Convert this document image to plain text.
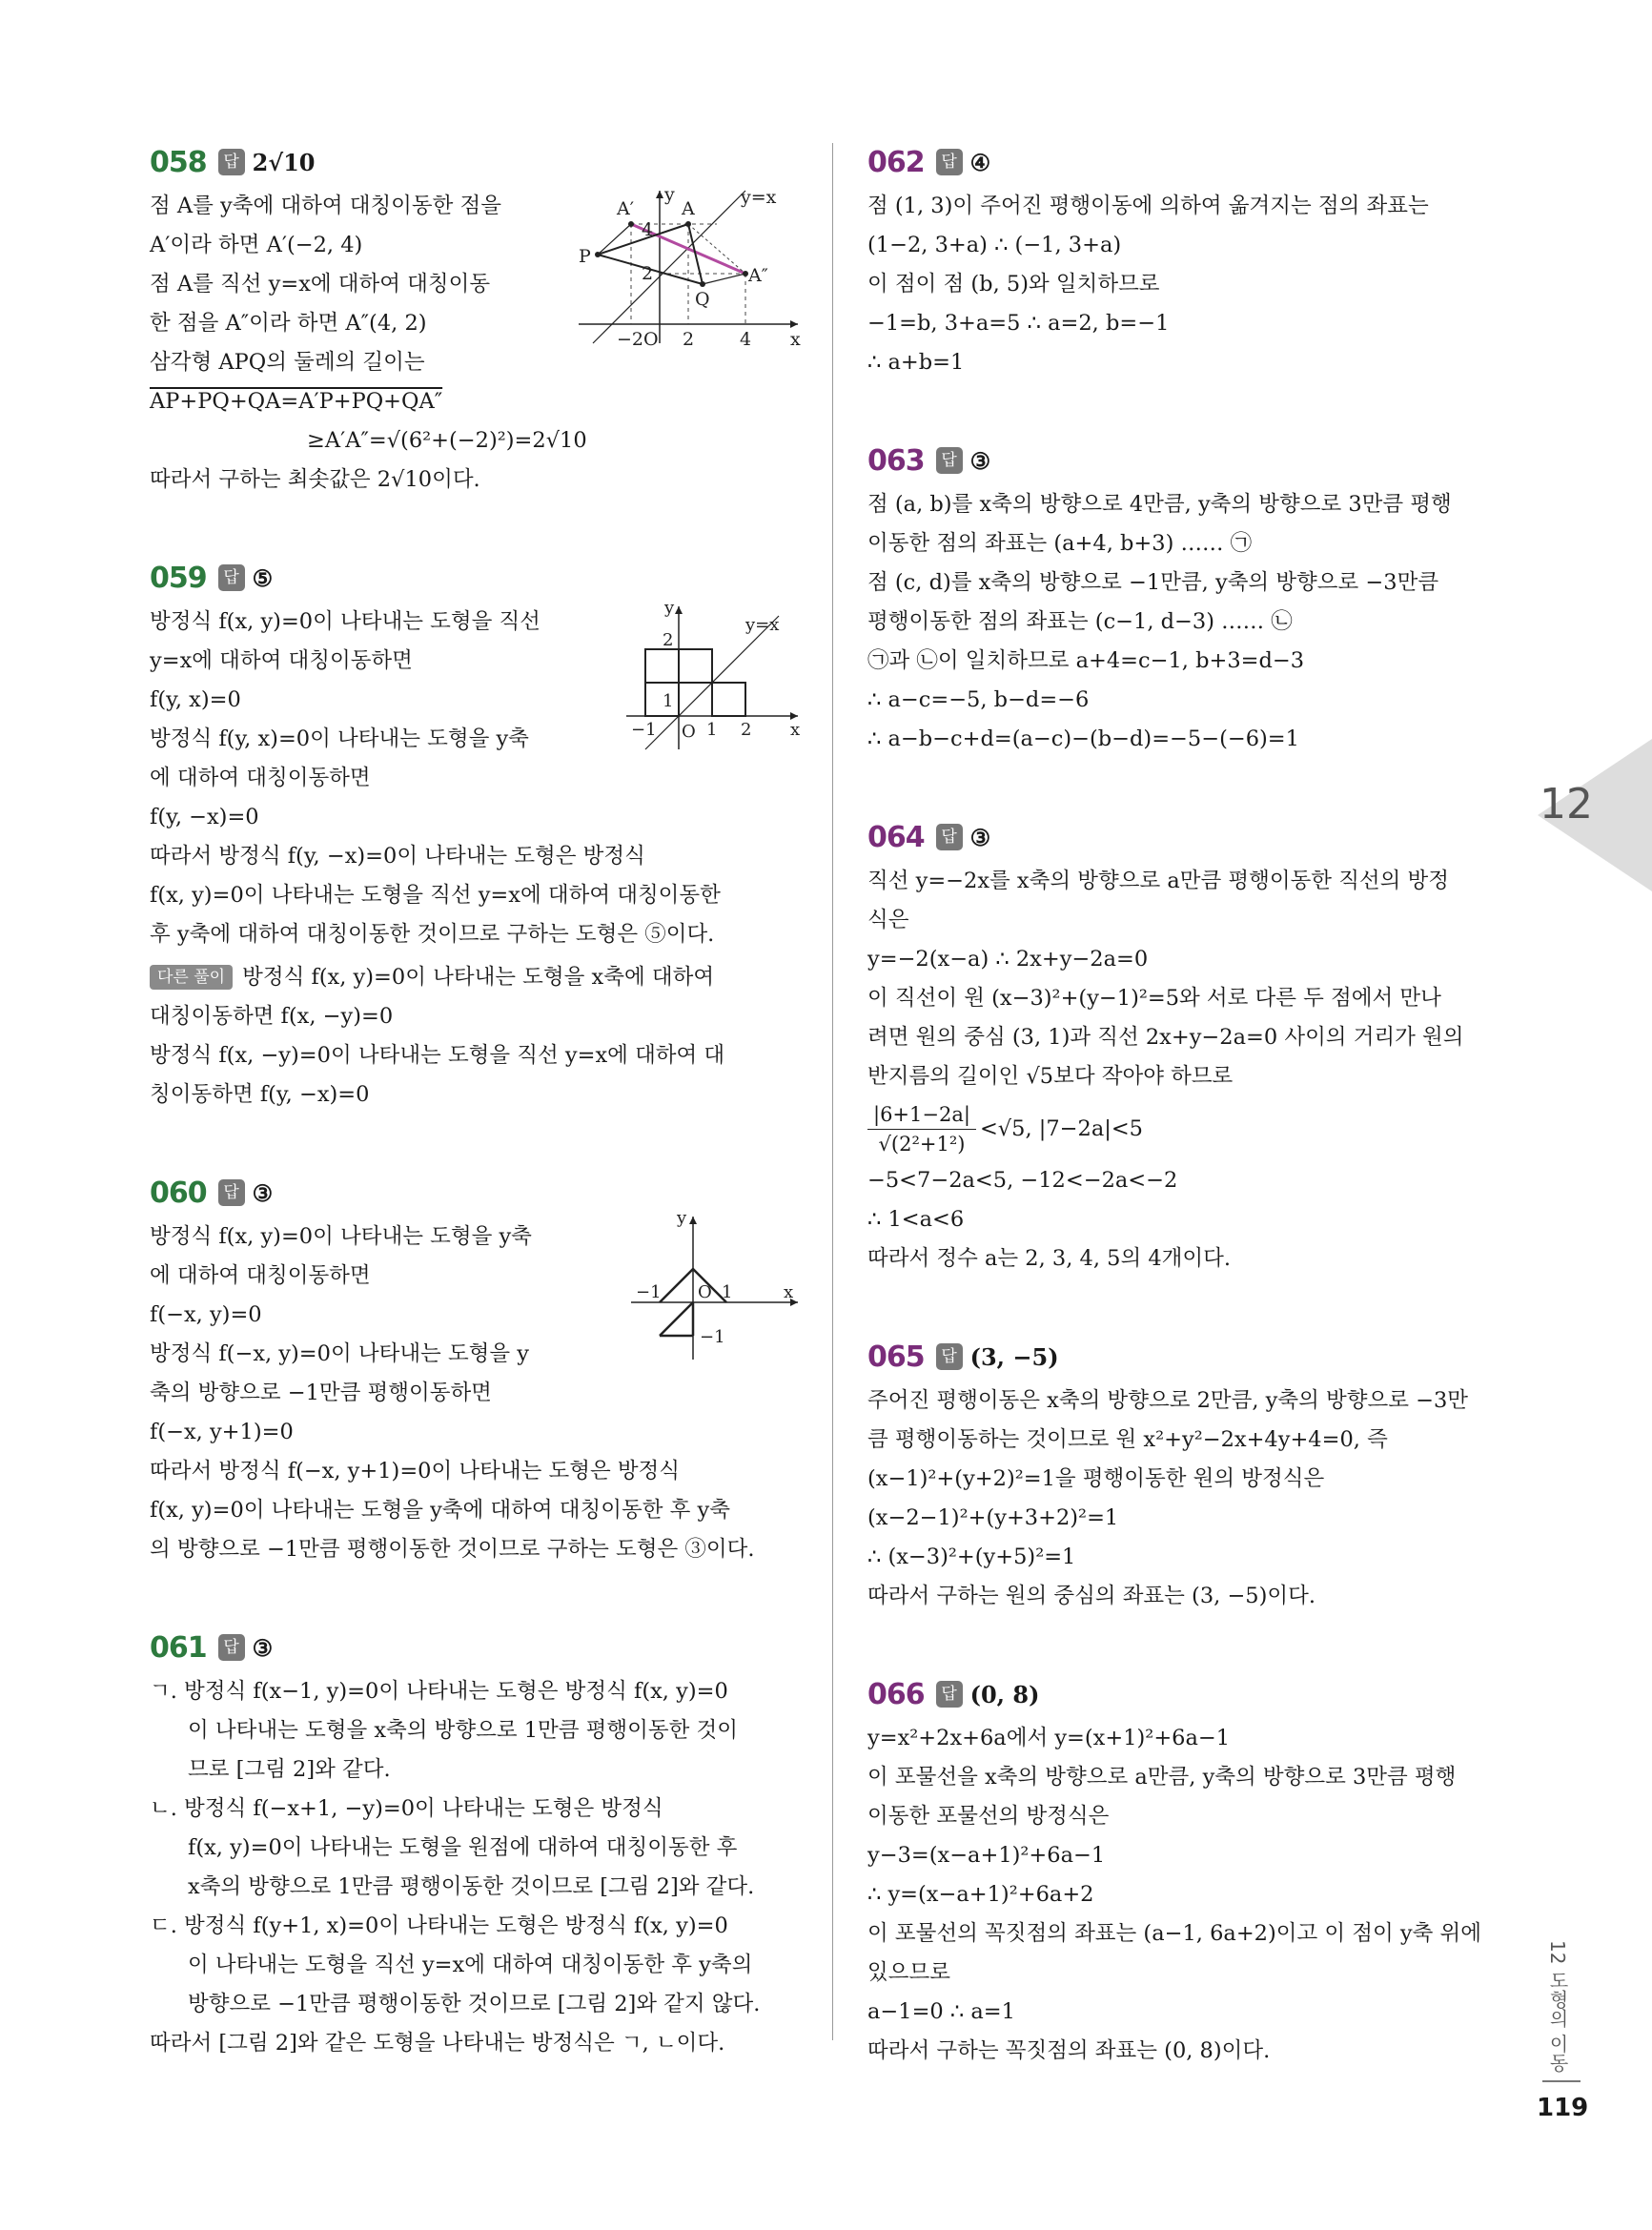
058	답 2√10
점 A를 y축에 대하여 대칭이동한 점을
A′이라 하면 A′(−2, 4)
점 A를 직선 y=x에 대하여 대칭이동
한 점을 A″이라 하면 A″(4, 2)
삼각형 APQ의 둘레의 길이는
AP+PQ+QA=A′P+PQ+QA″
≥A′A″=√(6²+(−2)²)=2√10
따라서 구하는 최솟값은 2√10이다.
y	y=x
A′	A
P
Q
A″
4
2
−2 O 2	4 x
059	답 ⑤
방정식 f(x, y)=0이 나타내는 도형을 직선
y=x에 대하여 대칭이동하면
f(y, x)=0
방정식 f(y, x)=0이 나타내는 도형을 y축
에 대하여 대칭이동하면
f(y, −x)=0
따라서 방정식 f(y, −x)=0이 나타내는 도형은 방정식
f(x, y)=0이 나타내는 도형을 직선 y=x에 대하여 대칭이동한
후 y축에 대하여 대칭이동한 것이므로 구하는 도형은 ⑤이다.
다른 풀이 방정식 f(x, y)=0이 나타내는 도형을 x축에 대하여
대칭이동하면 f(x, −y)=0
방정식 f(x, −y)=0이 나타내는 도형을 직선 y=x에 대하여 대
칭이동하면 f(y, −x)=0
y
y=x
2
1
−1 O 1 2 x
060	답 ③
방정식 f(x, y)=0이 나타내는 도형을 y축
에 대하여 대칭이동하면
f(−x, y)=0
방정식 f(−x, y)=0이 나타내는 도형을 y
축의 방향으로 −1만큼 평행이동하면
f(−x, y+1)=0
따라서 방정식 f(−x, y+1)=0이 나타내는 도형은 방정식
f(x, y)=0이 나타내는 도형을 y축에 대하여 대칭이동한 후 y축
의 방향으로 −1만큼 평행이동한 것이므로 구하는 도형은 ③이다.
y
−1 O 1	x
−1
061	답 ③
ㄱ. 방정식 f(x−1, y)=0이 나타내는 도형은 방정식 f(x, y)=0
이 나타내는 도형을 x축의 방향으로 1만큼 평행이동한 것이
므로 [그림 2]와 같다.
ㄴ. 방정식 f(−x+1, −y)=0이 나타내는 도형은 방정식
f(x, y)=0이 나타내는 도형을 원점에 대하여 대칭이동한 후
x축의 방향으로 1만큼 평행이동한 것이므로 [그림 2]와 같다.
ㄷ. 방정식 f(y+1, x)=0이 나타내는 도형은 방정식 f(x, y)=0
이 나타내는 도형을 직선 y=x에 대하여 대칭이동한 후 y축의
방향으로 −1만큼 평행이동한 것이므로 [그림 2]와 같지 않다.
따라서 [그림 2]와 같은 도형을 나타내는 방정식은 ㄱ, ㄴ이다.
062	답 ④
점 (1, 3)이 주어진 평행이동에 의하여 옮겨지는 점의 좌표는
(1−2, 3+a) ∴ (−1, 3+a)
이 점이 점 (b, 5)와 일치하므로
−1=b, 3+a=5 ∴ a=2, b=−1
∴ a+b=1
063	답 ③
점 (a, b)를 x축의 방향으로 4만큼, y축의 방향으로 3만큼 평행
이동한 점의 좌표는 (a+4, b+3) …… ㉠
점 (c, d)를 x축의 방향으로 −1만큼, y축의 방향으로 −3만큼
평행이동한 점의 좌표는 (c−1, d−3) …… ㉡
㉠과 ㉡이 일치하므로 a+4=c−1, b+3=d−3
∴ a−c=−5, b−d=−6
∴ a−b−c+d=(a−c)−(b−d)=−5−(−6)=1
064	답 ③
직선 y=−2x를 x축의 방향으로 a만큼 평행이동한 직선의 방정
식은
y=−2(x−a) ∴ 2x+y−2a=0
이 직선이 원 (x−3)²+(y−1)²=5와 서로 다른 두 점에서 만나
려면 원의 중심 (3, 1)과 직선 2x+y−2a=0 사이의 거리가 원의
반지름의 길이인 √5보다 작아야 하므로
$\frac{|6+1-2a|}{\text{√(2²+1²)}} <√5$, |7−2a|<5
−5<7−2a<5, −12<−2a<−2
∴ 1<a<6
따라서 정수 a는 2, 3, 4, 5의 4개이다.
065	답 (3, −5)
주어진 평행이동은 x축의 방향으로 2만큼, y축의 방향으로 −3만
큼 평행이동하는 것이므로 원 x²+y²−2x+4y+4=0, 즉
(x−1)²+(y+2)²=1을 평행이동한 원의 방정식은
(x−2−1)²+(y+3+2)²=1
∴ (x−3)²+(y+5)²=1
따라서 구하는 원의 중심의 좌표는 (3, −5)이다.
066	답 (0, 8)
y=x²+2x+6a에서 y=(x+1)²+6a−1
이 포물선을 x축의 방향으로 a만큼, y축의 방향으로 3만큼 평행
이동한 포물선의 방정식은
y−3=(x−a+1)²+6a−1
∴ y=(x−a+1)²+6a+2
이 포물선의 꼭짓점의 좌표는 (a−1, 6a+2)이고 이 점이 y축 위에
있으므로
a−1=0 ∴ a=1
따라서 구하는 꼭짓점의 좌표는 (0, 8)이다.
12
12 도형의 이동
119
